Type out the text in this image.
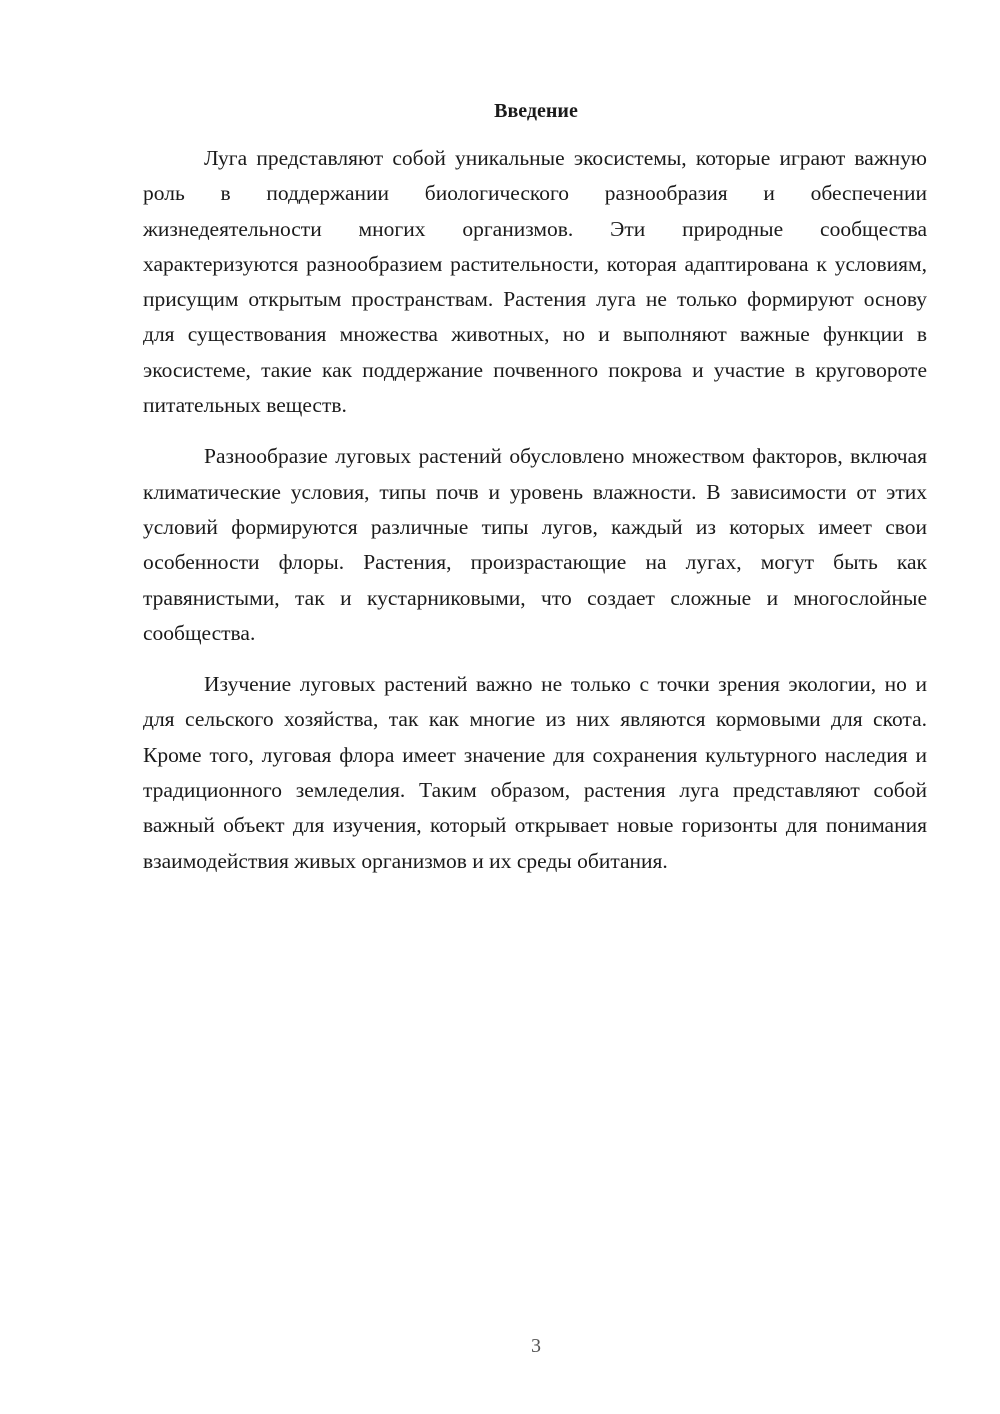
Введение

Луга представляют собой уникальные экосистемы, которые играют важную роль в поддержании биологического разнообразия и обеспечении жизнедеятельности многих организмов. Эти природные сообщества характеризуются разнообразием растительности, которая адаптирована к условиям, присущим открытым пространствам. Растения луга не только формируют основу для существования множества животных, но и выполняют важные функции в экосистеме, такие как поддержание почвенного покрова и участие в круговороте питательных веществ.

Разнообразие луговых растений обусловлено множеством факторов, включая климатические условия, типы почв и уровень влажности. В зависимости от этих условий формируются различные типы лугов, каждый из которых имеет свои особенности флоры. Растения, произрастающие на лугах, могут быть как травянистыми, так и кустарниковыми, что создает сложные и многослойные сообщества.

Изучение луговых растений важно не только с точки зрения экологии, но и для сельского хозяйства, так как многие из них являются кормовыми для скота. Кроме того, луговая флора имеет значение для сохранения культурного наследия и традиционного земледелия. Таким образом, растения луга представляют собой важный объект для изучения, который открывает новые горизонты для понимания взаимодействия живых организмов и их среды обитания.

3
